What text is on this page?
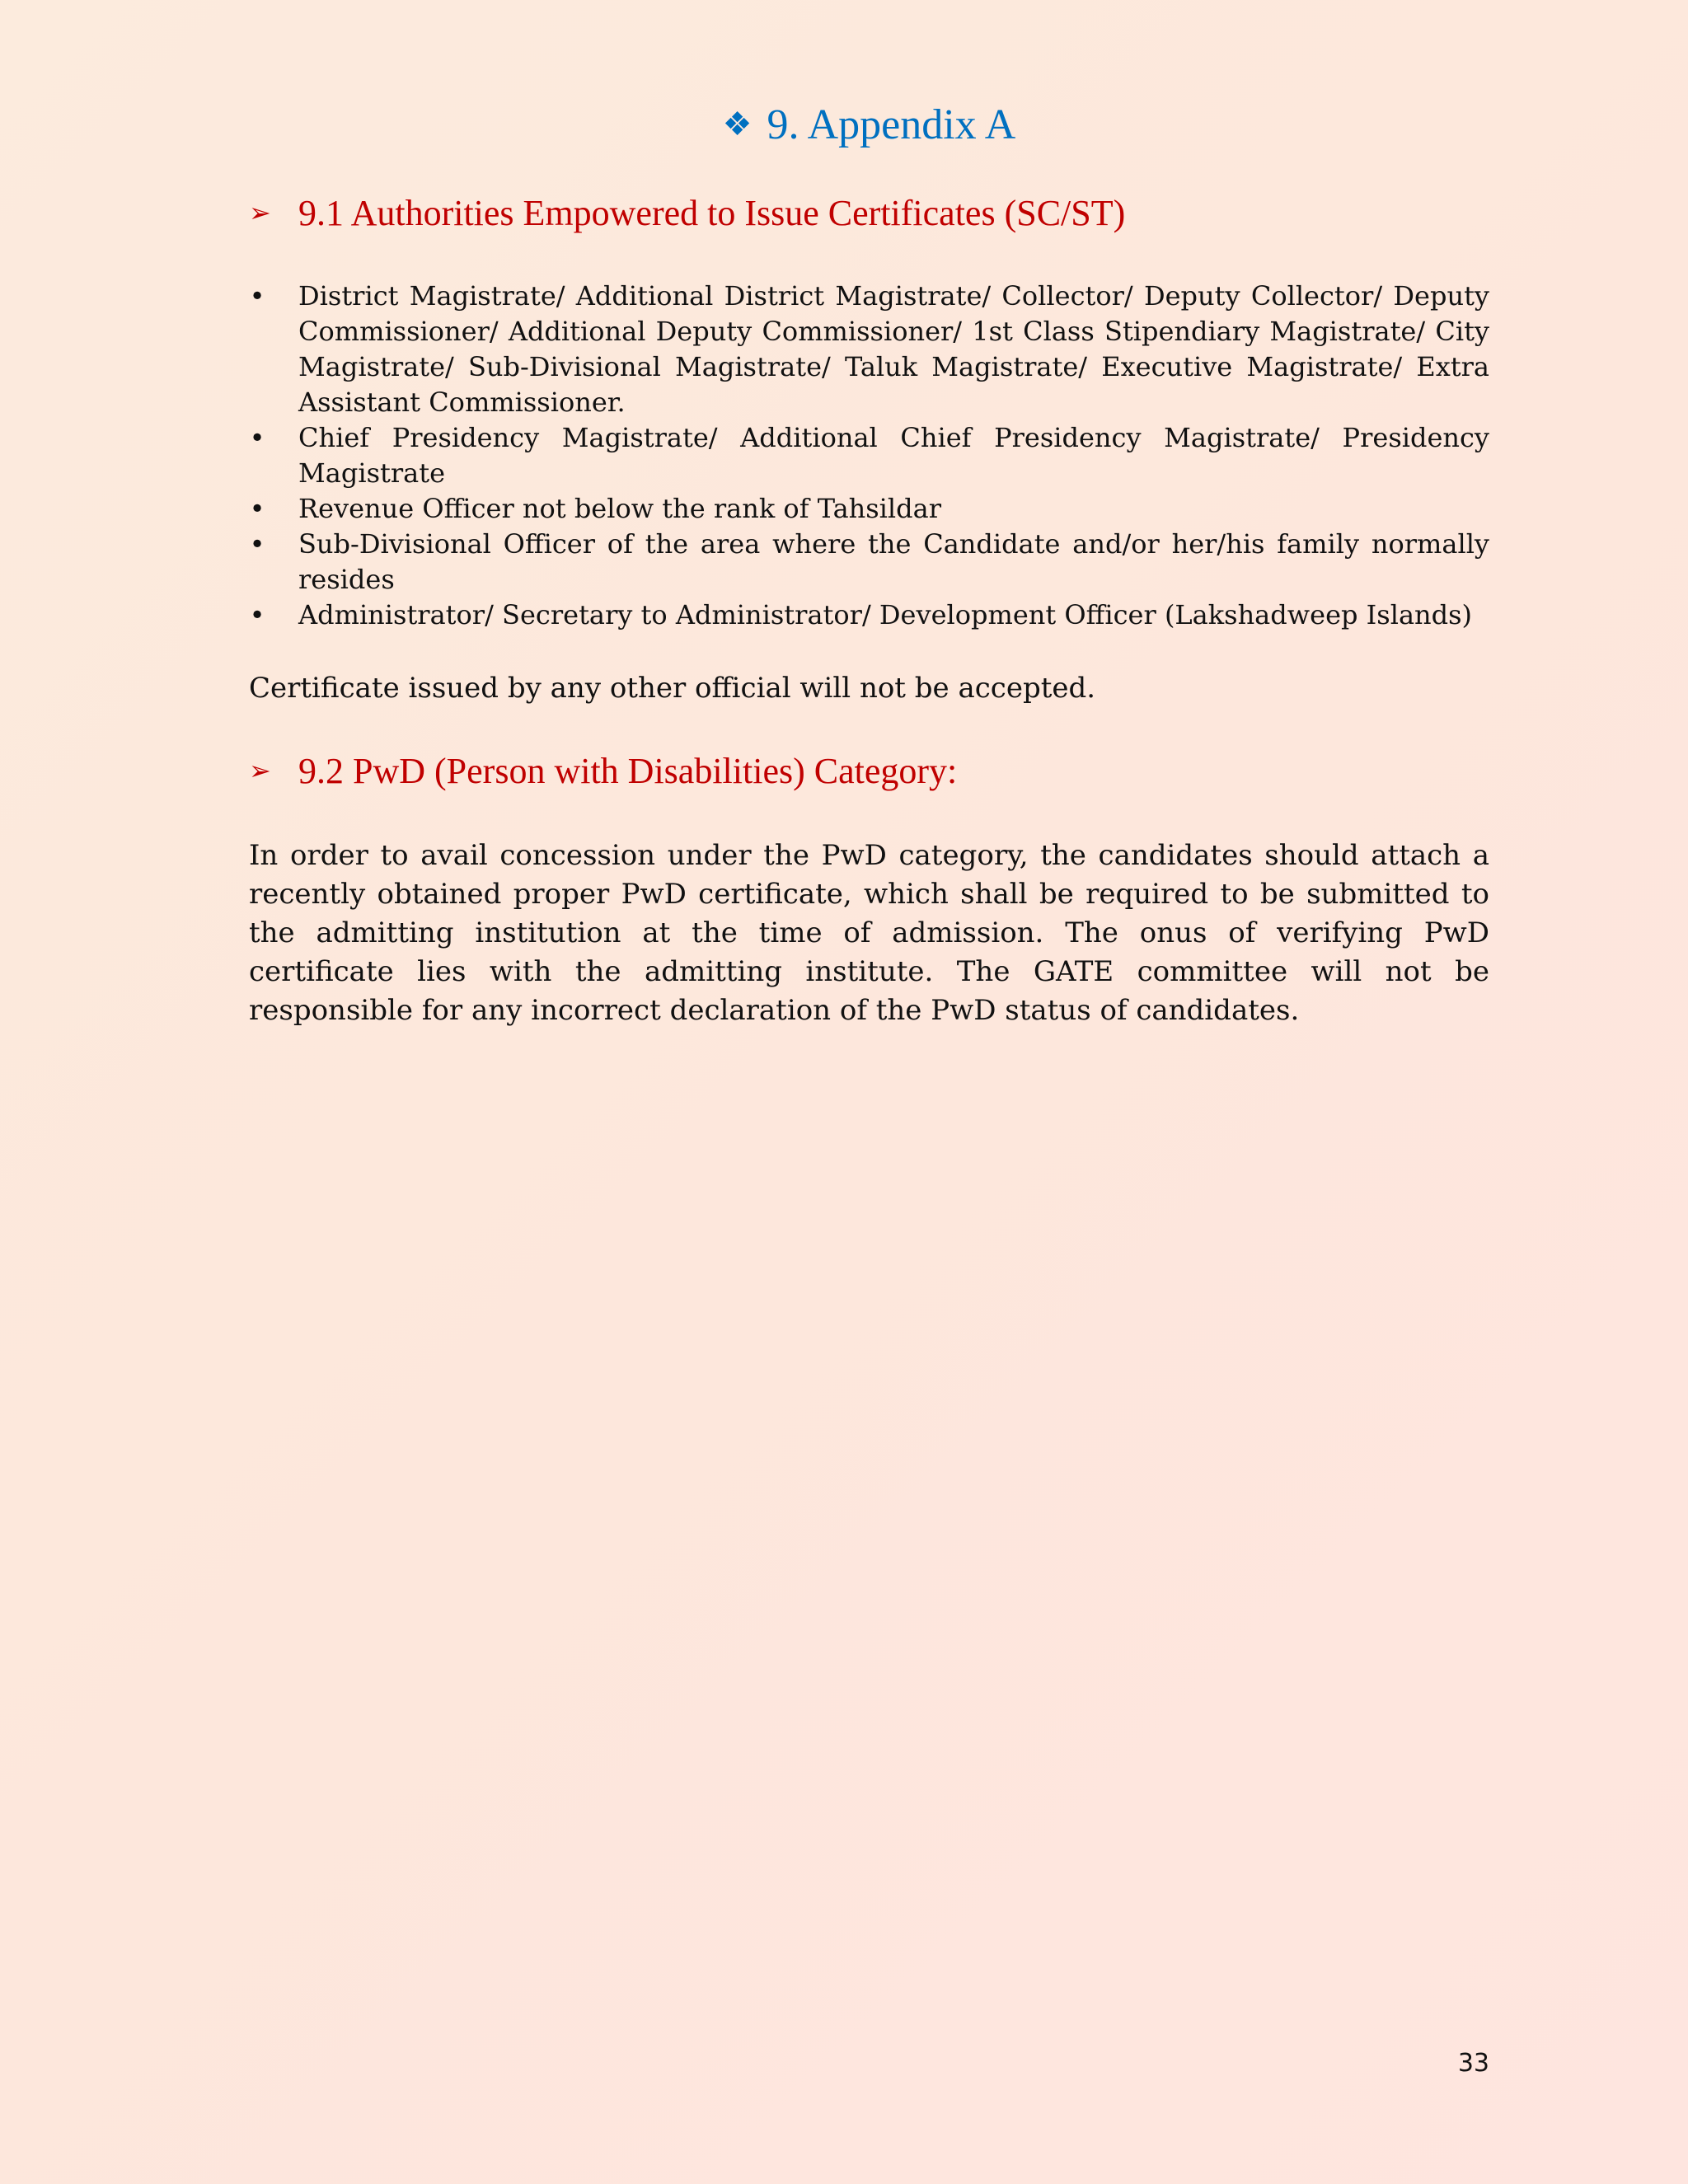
❖ 9. Appendix A
➢ 9.1 Authorities Empowered to Issue Certificates (SC/ST)
• District Magistrate/ Additional District Magistrate/ Collector/ Deputy Collector/ Deputy Commissioner/ Additional Deputy Commissioner/ 1st Class Stipendiary Magistrate/ City Magistrate/ Sub-Divisional Magistrate/ Taluk Magistrate/ Executive Magistrate/ Extra Assistant Commissioner.
• Chief Presidency Magistrate/ Additional Chief Presidency Magistrate/ Presidency Magistrate
• Revenue Officer not below the rank of Tahsildar
• Sub-Divisional Officer of the area where the Candidate and/or her/his family normally resides
• Administrator/ Secretary to Administrator/ Development Officer (Lakshadweep Islands)

Certificate issued by any other official will not be accepted.

➢ 9.2 PwD (Person with Disabilities) Category:

In order to avail concession under the PwD category, the candidates should attach a recently obtained proper PwD certificate, which shall be required to be submitted to the admitting institution at the time of admission. The onus of verifying PwD certificate lies with the admitting institute. The GATE committee will not be responsible for any incorrect declaration of the PwD status of candidates.

33
